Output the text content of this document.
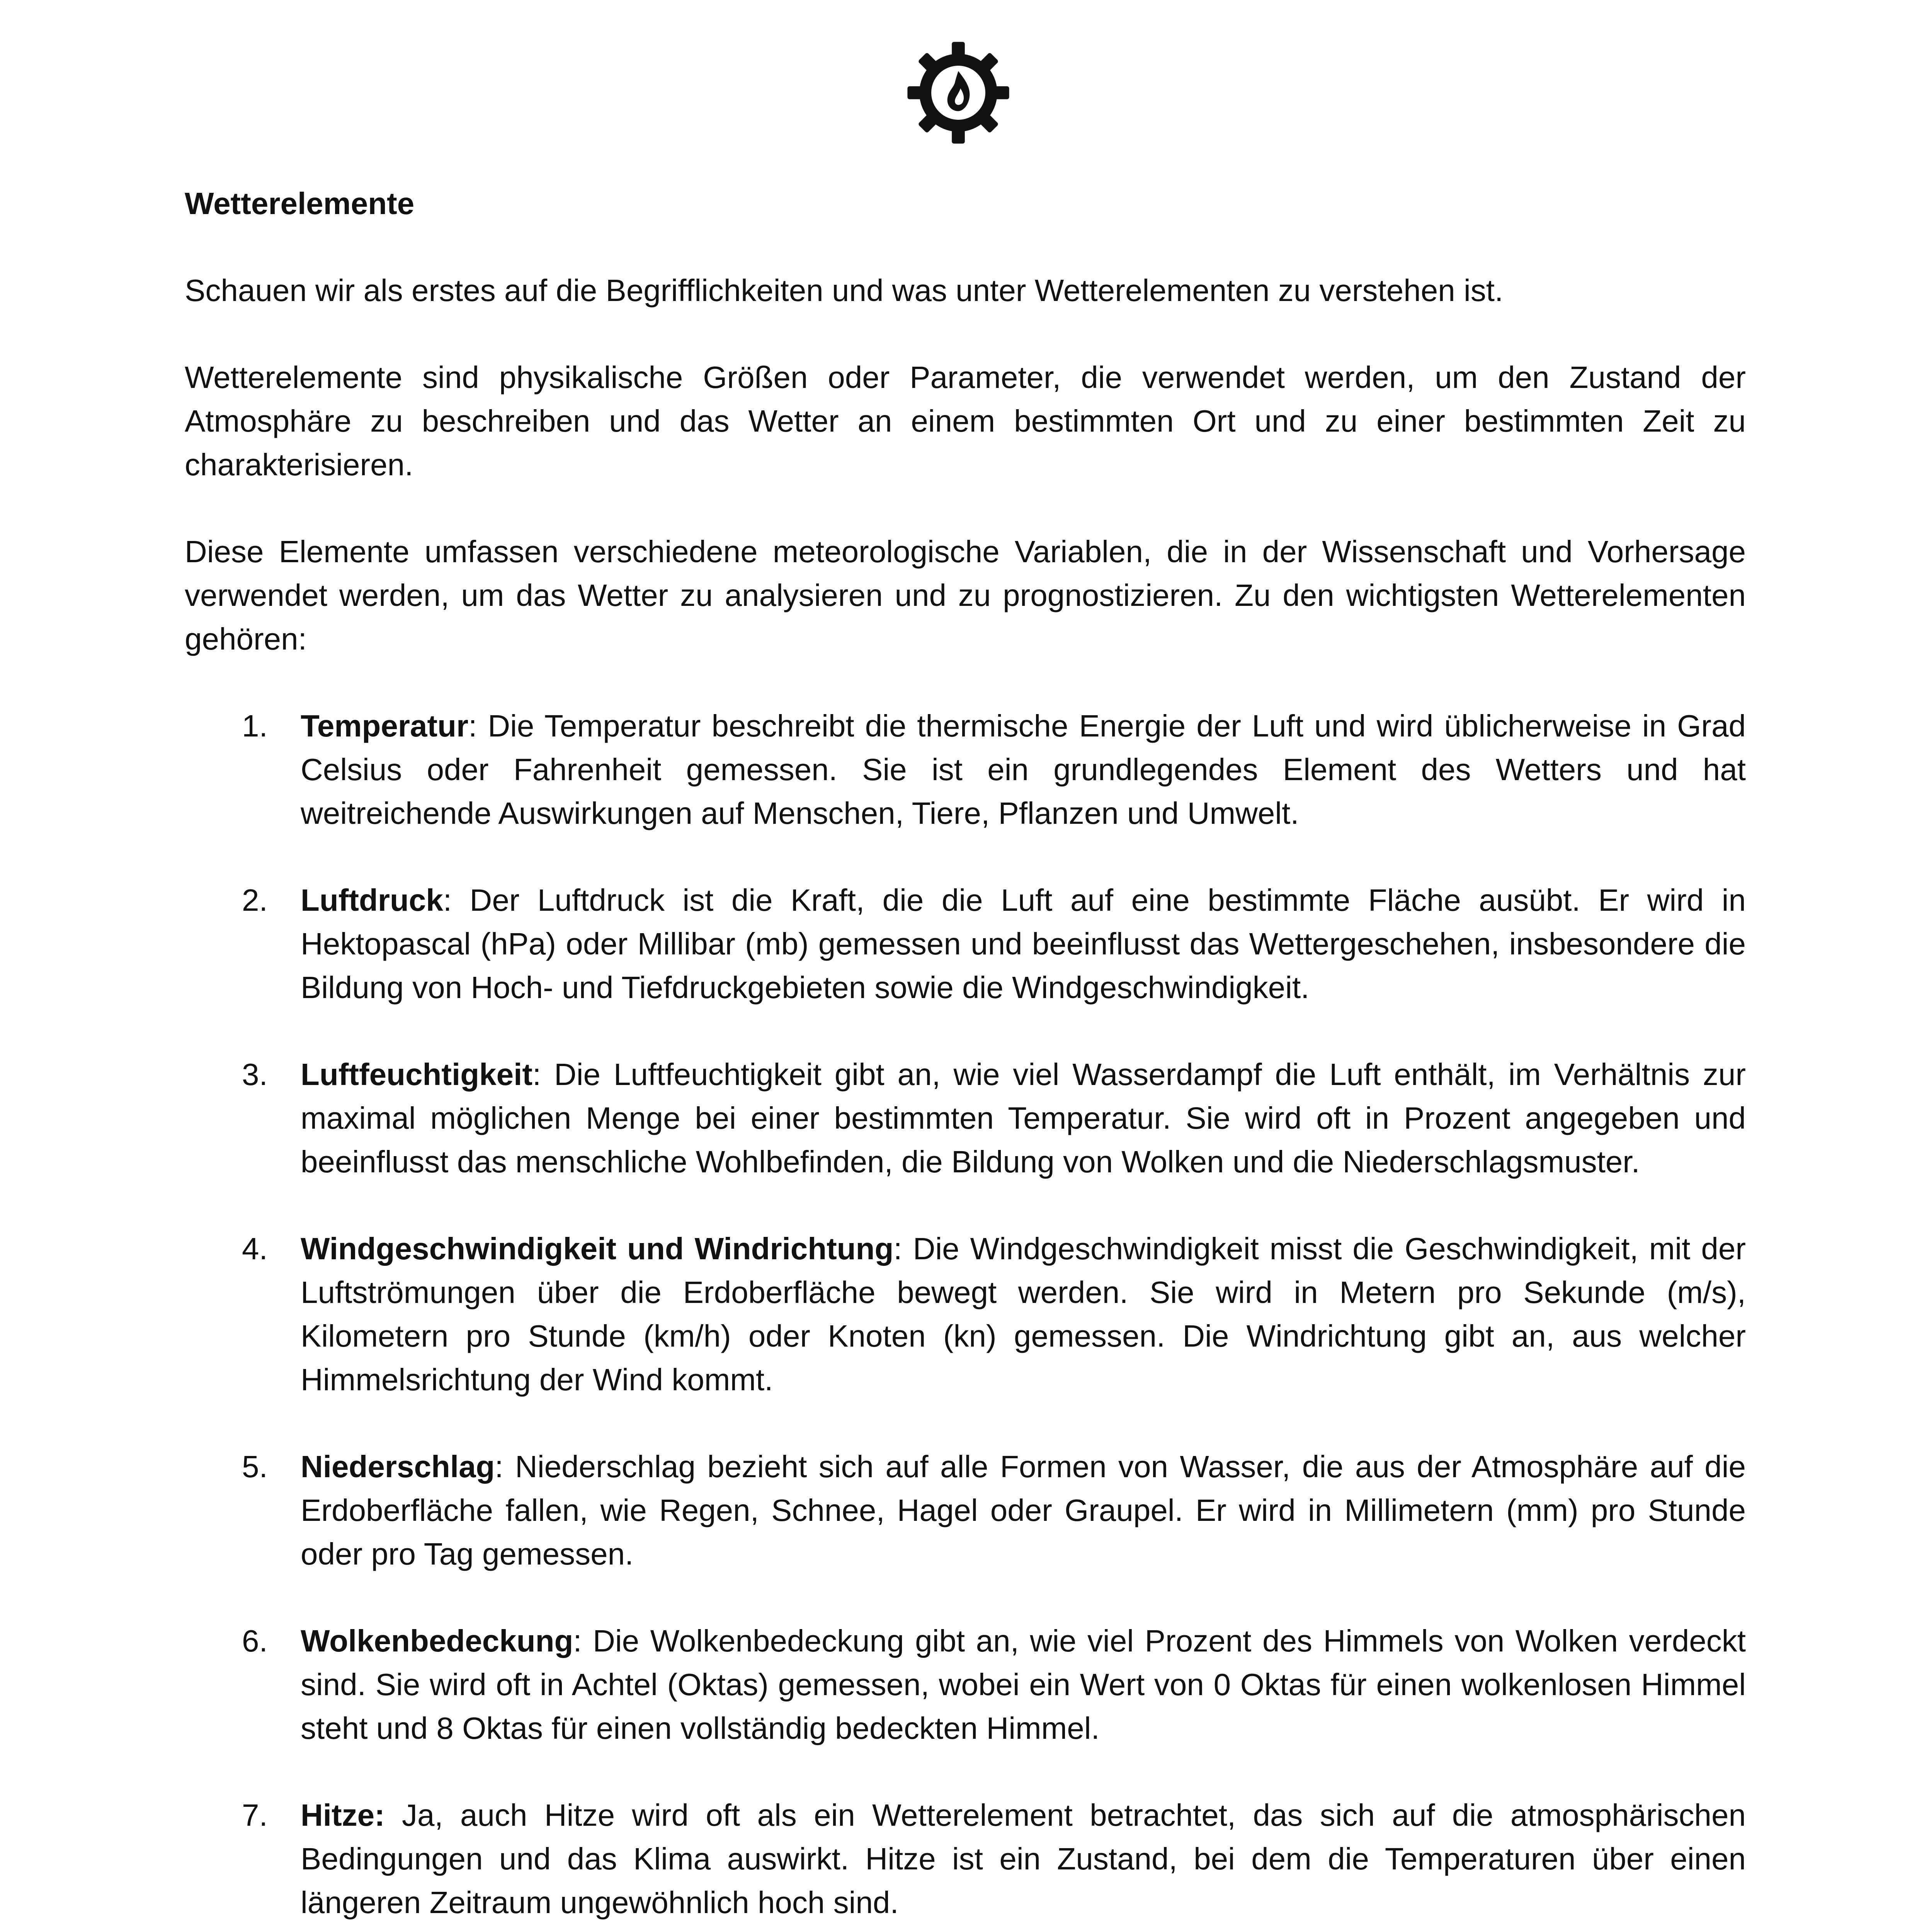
Wetterelemente

Schauen wir als erstes auf die Begrifflichkeiten und was unter Wetterelementen zu verstehen ist.

Wetterelemente sind physikalische Größen oder Parameter, die verwendet werden, um den Zustand der Atmosphäre zu beschreiben und das Wetter an einem bestimmten Ort und zu einer bestimmten Zeit zu charakterisieren.

Diese Elemente umfassen verschiedene meteorologische Variablen, die in der Wissenschaft und Vorhersage verwendet werden, um das Wetter zu analysieren und zu prognostizieren. Zu den wichtigsten Wetterelementen gehören:

1. Temperatur: Die Temperatur beschreibt die thermische Energie der Luft und wird üblicherweise in Grad Celsius oder Fahrenheit gemessen. Sie ist ein grundlegendes Element des Wetters und hat weitreichende Auswirkungen auf Menschen, Tiere, Pflanzen und Umwelt.
2. Luftdruck: Der Luftdruck ist die Kraft, die die Luft auf eine bestimmte Fläche ausübt. Er wird in Hektopascal (hPa) oder Millibar (mb) gemessen und beeinflusst das Wettergeschehen, insbesondere die Bildung von Hoch- und Tiefdruckgebieten sowie die Windgeschwindigkeit.
3. Luftfeuchtigkeit: Die Luftfeuchtigkeit gibt an, wie viel Wasserdampf die Luft enthält, im Verhältnis zur maximal möglichen Menge bei einer bestimmten Temperatur. Sie wird oft in Prozent angegeben und beeinflusst das menschliche Wohlbefinden, die Bildung von Wolken und die Niederschlagsmuster.
4. Windgeschwindigkeit und Windrichtung: Die Windgeschwindigkeit misst die Geschwindigkeit, mit der Luftströmungen über die Erdoberfläche bewegt werden. Sie wird in Metern pro Sekunde (m/s), Kilometern pro Stunde (km/h) oder Knoten (kn) gemessen. Die Windrichtung gibt an, aus welcher Himmelsrichtung der Wind kommt.
5. Niederschlag: Niederschlag bezieht sich auf alle Formen von Wasser, die aus der Atmosphäre auf die Erdoberfläche fallen, wie Regen, Schnee, Hagel oder Graupel. Er wird in Millimetern (mm) pro Stunde oder pro Tag gemessen.
6. Wolkenbedeckung: Die Wolkenbedeckung gibt an, wie viel Prozent des Himmels von Wolken verdeckt sind. Sie wird oft in Achtel (Oktas) gemessen, wobei ein Wert von 0 Oktas für einen wolkenlosen Himmel steht und 8 Oktas für einen vollständig bedeckten Himmel.
7. Hitze: Ja, auch Hitze wird oft als ein Wetterelement betrachtet, das sich auf die atmosphärischen Bedingungen und das Klima auswirkt. Hitze ist ein Zustand, bei dem die Temperaturen über einen längeren Zeitraum ungewöhnlich hoch sind.
